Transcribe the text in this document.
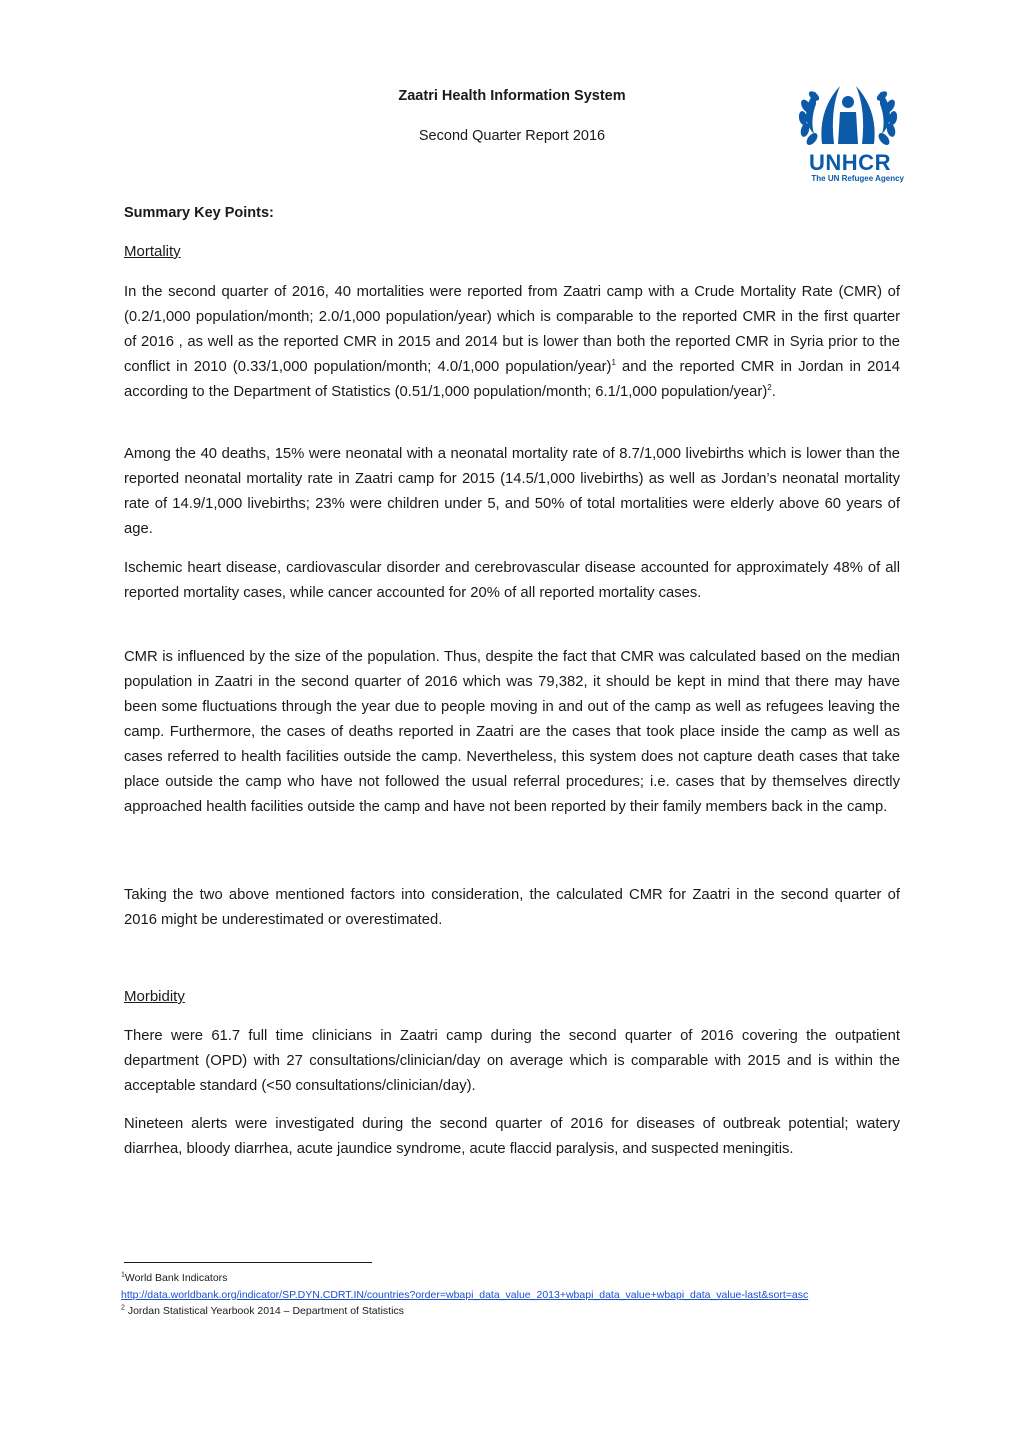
Zaatri Health Information System
Second Quarter Report 2016
UNHCR
The UN Refugee Agency
Summary Key Points:
Mortality

In the second quarter of 2016, 40 mortalities were reported from Zaatri camp with a Crude Mortality Rate (CMR) of (0.2/1,000 population/month; 2.0/1,000 population/year) which is comparable to the reported CMR in the first quarter of 2016 , as well as the reported CMR in 2015 and 2014 but is lower than both the reported CMR in Syria prior to the conflict in 2010 (0.33/1,000 population/month; 4.0/1,000 population/year)$^1$ and the reported CMR in Jordan in 2014 according to the Department of Statistics (0.51/1,000 population/month; 6.1/1,000 population/year)$^2$.

Among the 40 deaths, 15% were neonatal with a neonatal mortality rate of 8.7/1,000 livebirths which is lower than the reported neonatal mortality rate in Zaatri camp for 2015 (14.5/1,000 livebirths) as well as Jordan’s neonatal mortality rate of 14.9/1,000 livebirths; 23% were children under 5, and 50% of total mortalities were elderly above 60 years of age.

Ischemic heart disease, cardiovascular disorder and cerebrovascular disease accounted for approximately 48% of all reported mortality cases, while cancer accounted for 20% of all reported mortality cases.

CMR is influenced by the size of the population. Thus, despite the fact that CMR was calculated based on the median population in Zaatri in the second quarter of 2016 which was 79,382, it should be kept in mind that there may have been some fluctuations through the year due to people moving in and out of the camp as well as refugees leaving the camp. Furthermore, the cases of deaths reported in Zaatri are the cases that took place inside the camp as well as cases referred to health facilities outside the camp. Nevertheless, this system does not capture death cases that take place outside the camp who have not followed the usual referral procedures; i.e. cases that by themselves directly approached health facilities outside the camp and have not been reported by their family members back in the camp.

Taking the two above mentioned factors into consideration, the calculated CMR for Zaatri in the second quarter of 2016 might be underestimated or overestimated.

Morbidity

There were 61.7 full time clinicians in Zaatri camp during the second quarter of 2016 covering the outpatient department (OPD) with 27 consultations/clinician/day on average which is comparable with 2015 and is within the acceptable standard (<50 consultations/clinician/day).

Nineteen alerts were investigated during the second quarter of 2016 for diseases of outbreak potential; watery diarrhea, bloody diarrhea, acute jaundice syndrome, acute flaccid paralysis, and suspected meningitis.

$^1$World Bank Indicators
http://data.worldbank.org/indicator/SP.DYN.CDRT.IN/countries?order=wbapi_data_value_2013+wbapi_data_value+wbapi_data_value-last&sort=asc
$^2$ Jordan Statistical Yearbook 2014 – Department of Statistics
